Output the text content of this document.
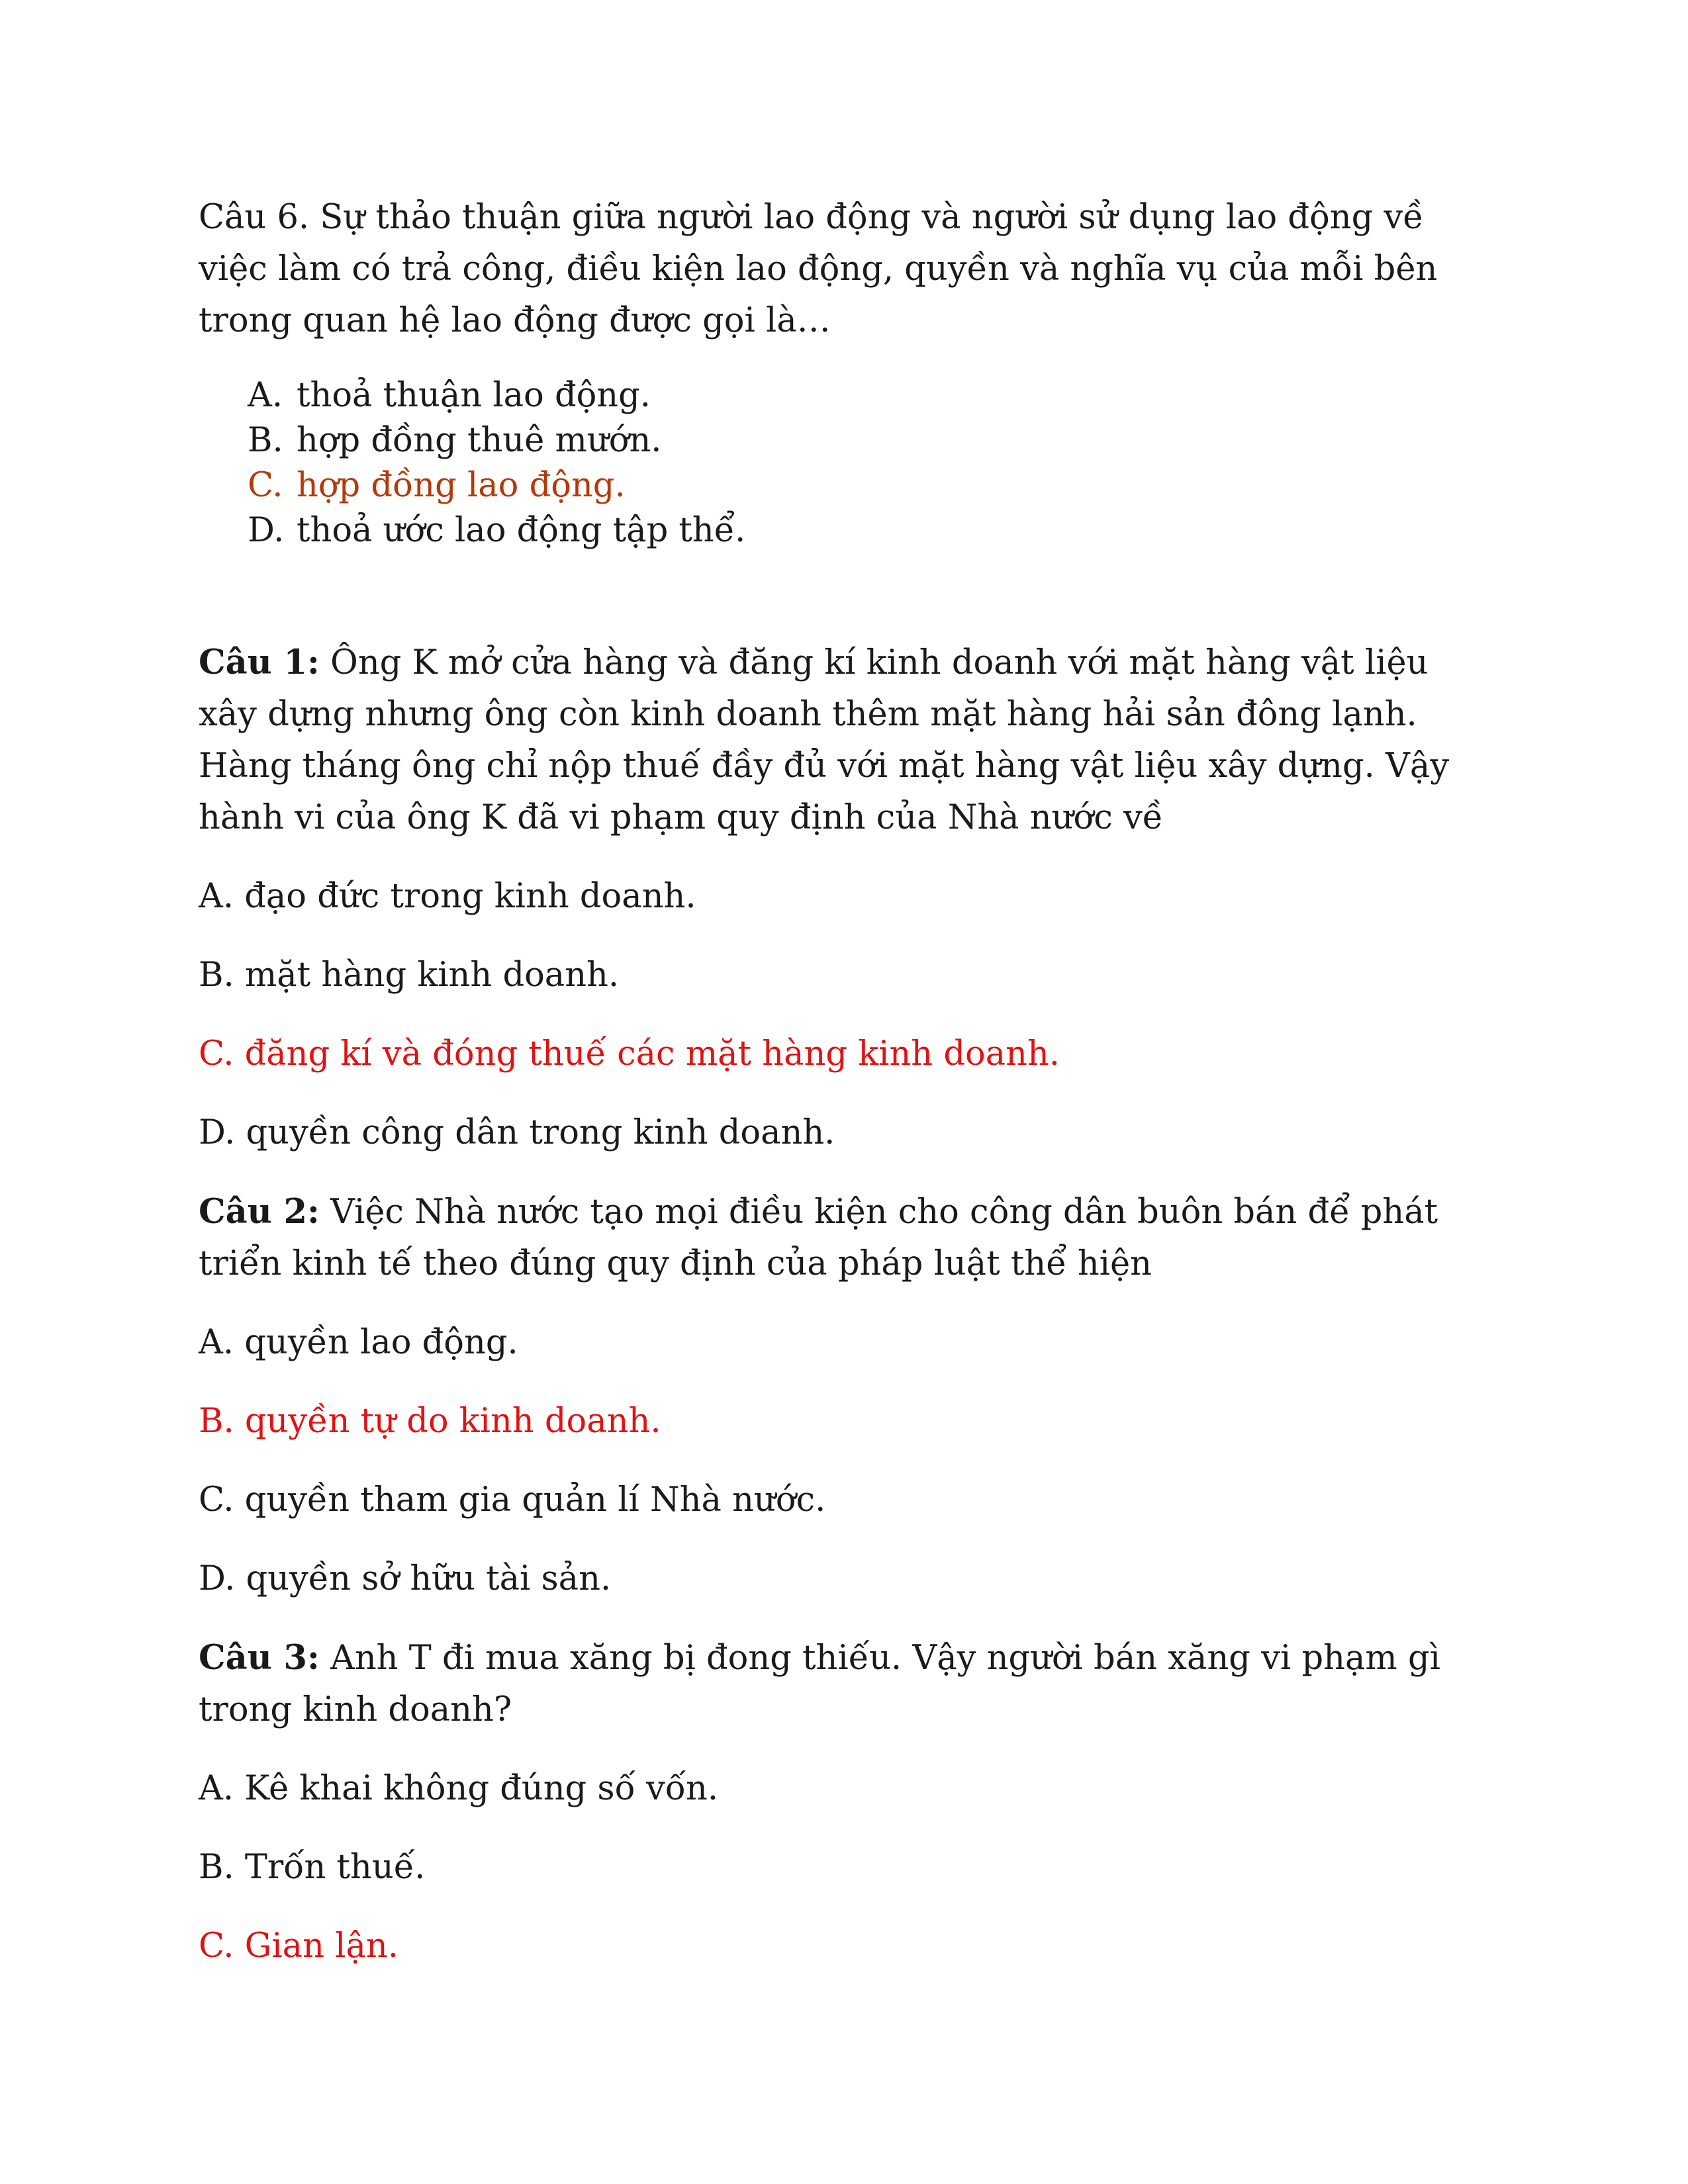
Câu 6. Sự thảo thuận giữa người lao động và người sử dụng lao động về việc làm có trả công, điều kiện lao động, quyền và nghĩa vụ của mỗi bên trong quan hệ lao động được gọi là…

A. thoả thuận lao động.
B. hợp đồng thuê mướn.
C. hợp đồng lao động.
D. thoả ước lao động tập thể.

Câu 1: Ông K mở cửa hàng và đăng kí kinh doanh với mặt hàng vật liệu xây dựng nhưng ông còn kinh doanh thêm mặt hàng hải sản đông lạnh. Hàng tháng ông chỉ nộp thuế đầy đủ với mặt hàng vật liệu xây dựng. Vậy hành vi của ông K đã vi phạm quy định của Nhà nước về

A. đạo đức trong kinh doanh.

B. mặt hàng kinh doanh.

C. đăng kí và đóng thuế các mặt hàng kinh doanh.

D. quyền công dân trong kinh doanh.

Câu 2: Việc Nhà nước tạo mọi điều kiện cho công dân buôn bán để phát triển kinh tế theo đúng quy định của pháp luật thể hiện

A. quyền lao động.

B. quyền tự do kinh doanh.

C. quyền tham gia quản lí Nhà nước.

D. quyền sở hữu tài sản.

Câu 3: Anh T đi mua xăng bị đong thiếu. Vậy người bán xăng vi phạm gì trong kinh doanh?

A. Kê khai không đúng số vốn.

B. Trốn thuế.

C. Gian lận.
